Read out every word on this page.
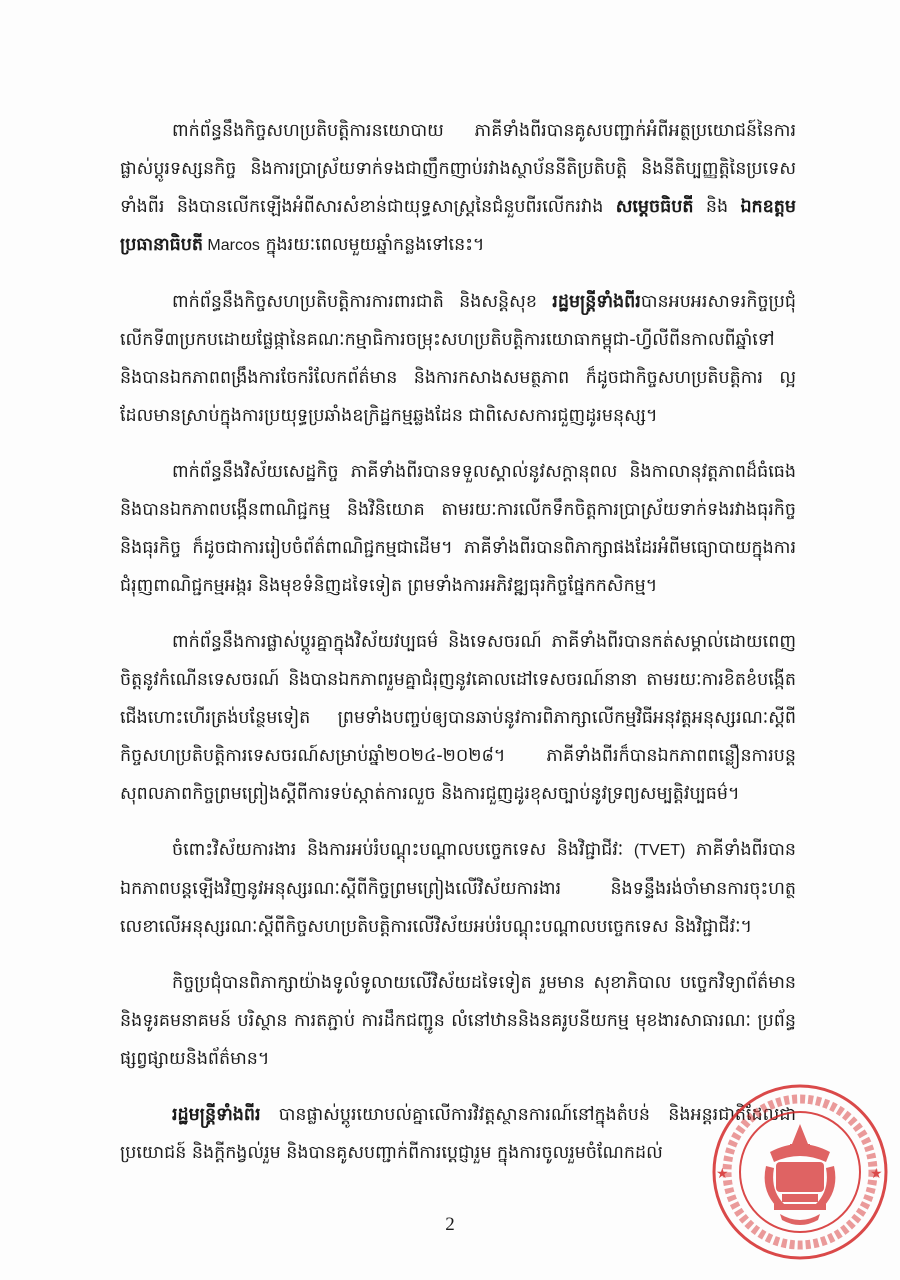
ពាក់ព័ន្ធនឹងកិច្ចសហប្រតិបត្តិការនយោបាយ ភាគីទាំងពីរបានគូសបញ្ជាក់អំពីអត្ថប្រយោជន៍នៃការផ្លាស់ប្តូរទស្សនកិច្ច និងការប្រាស្រ័យទាក់ទងជាញឹកញាប់រវាងស្ថាប័ននីតិប្រតិបត្តិ និងនីតិប្បញ្ញត្តិនៃប្រទេសទាំងពីរ និងបានលើកឡើងអំពីសារសំខាន់ជាយុទ្ធសាស្ត្រនៃជំនួបពីរលើករវាង សម្តេចធិបតី និង ឯកឧត្តមប្រធានាធិបតី Marcos ក្នុងរយៈពេលមួយឆ្នាំកន្លងទៅនេះ។

ពាក់ព័ន្ធនឹងកិច្ចសហប្រតិបត្តិការការពារជាតិ និងសន្តិសុខ រដ្ឋមន្ត្រីទាំងពីរបានអបអរសាទរកិច្ចប្រជុំលើកទី៣ប្រកបដោយផ្លែផ្កានៃគណៈកម្មាធិការចម្រុះសហប្រតិបត្តិការយោធាកម្ពុជា-ហ្វីលីពីនកាលពីឆ្នាំទៅ និងបានឯកភាពពង្រឹងការចែករំលែកព័ត៌មាន និងការកសាងសមត្ថភាព ក៏ដូចជាកិច្ចសហប្រតិបត្តិការ ល្អដែលមានស្រាប់ក្នុងការប្រយុទ្ធប្រឆាំងឧក្រិដ្ឋកម្មឆ្លងដែន ជាពិសេសការជួញដូរមនុស្ស។

ពាក់ព័ន្ធនឹងវិស័យសេដ្ឋកិច្ច ភាគីទាំងពីរបានទទួលស្គាល់នូវសក្តានុពល និងកាលានុវត្តភាពដ៏ធំធេង និងបានឯកភាពបង្កើនពាណិជ្ជកម្ម និងវិនិយោគ តាមរយៈការលើកទឹកចិត្តការប្រាស្រ័យទាក់ទងរវាងធុរកិច្ច និងធុរកិច្ច ក៏ដូចជាការរៀបចំព័ត៌ពាណិជ្ជកម្មជាដើម។ ភាគីទាំងពីរបានពិភាក្សាផងដែរអំពីមធ្យោបាយក្នុងការជំរុញពាណិជ្ជកម្មអង្ករ និងមុខទំនិញដទៃទៀត ព្រមទាំងការអភិវឌ្ឍធុរកិច្ចផ្នែកកសិកម្ម។

ពាក់ព័ន្ធនឹងការផ្លាស់ប្តូរគ្នាក្នុងវិស័យវប្បធម៌ និងទេសចរណ៍ ភាគីទាំងពីរបានកត់សម្គាល់ដោយពេញចិត្តនូវកំណើនទេសចរណ៍ និងបានឯកភាពរួមគ្នាជំរុញនូវគោលដៅទេសចរណ៍នានា តាមរយៈការខិតខំបង្កើតជើងហោះហើរត្រង់បន្ថែមទៀត ព្រមទាំងបញ្ចប់ឲ្យបានឆាប់នូវការពិភាក្សាលើកម្មវិធីអនុវត្តអនុស្សរណៈស្តីពីកិច្ចសហប្រតិបត្តិការទេសចរណ៍សម្រាប់ឆ្នាំ២០២៤-២០២៨។ ភាគីទាំងពីរក៏បានឯកភាពពន្លឿនការបន្តសុពលភាពកិច្ចព្រមព្រៀងស្តីពីការទប់ស្កាត់ការលួច និងការជួញដូរខុសច្បាប់នូវទ្រព្យសម្បត្តិវប្បធម៌។

ចំពោះវិស័យការងារ និងការអប់រំបណ្តុះបណ្តាលបច្ចេកទេស និងវិជ្ជាជីវៈ (TVET) ភាគីទាំងពីរបានឯកភាពបន្តឡើងវិញនូវអនុស្សរណៈស្តីពីកិច្ចព្រមព្រៀងលើវិស័យការងារ និងទន្ទឹងរង់ចាំមានការចុះហត្ថលេខាលើអនុស្សរណៈស្តីពីកិច្ចសហប្រតិបត្តិការលើវិស័យអប់រំបណ្តុះបណ្តាលបច្ចេកទេស និងវិជ្ជាជីវៈ។

កិច្ចប្រជុំបានពិភាក្សាយ៉ាងទូលំទូលាយលើវិស័យដទៃទៀត រួមមាន សុខាភិបាល បច្ចេកវិទ្យាព័ត៌មាននិងទូរគមនាគមន៍ បរិស្ថាន ការតភ្ជាប់ ការដឹកជញ្ជូន លំនៅឋាននិងនគរូបនីយកម្ម មុខងារសាធារណៈ ប្រព័ន្ធផ្សព្វផ្សាយនិងព័ត៌មាន។

រដ្ឋមន្ត្រីទាំងពីរ បានផ្លាស់ប្តូរយោបល់គ្នាលើការវិវត្តស្ថានការណ៍នៅក្នុងតំបន់ និងអន្តរជាតិដែលជាប្រយោជន៍ និងក្តីកង្វល់រួម និងបានគូសបញ្ជាក់ពីការប្តេជ្ញារួម ក្នុងការចូលរួមចំណែកដល់

★	★
2
